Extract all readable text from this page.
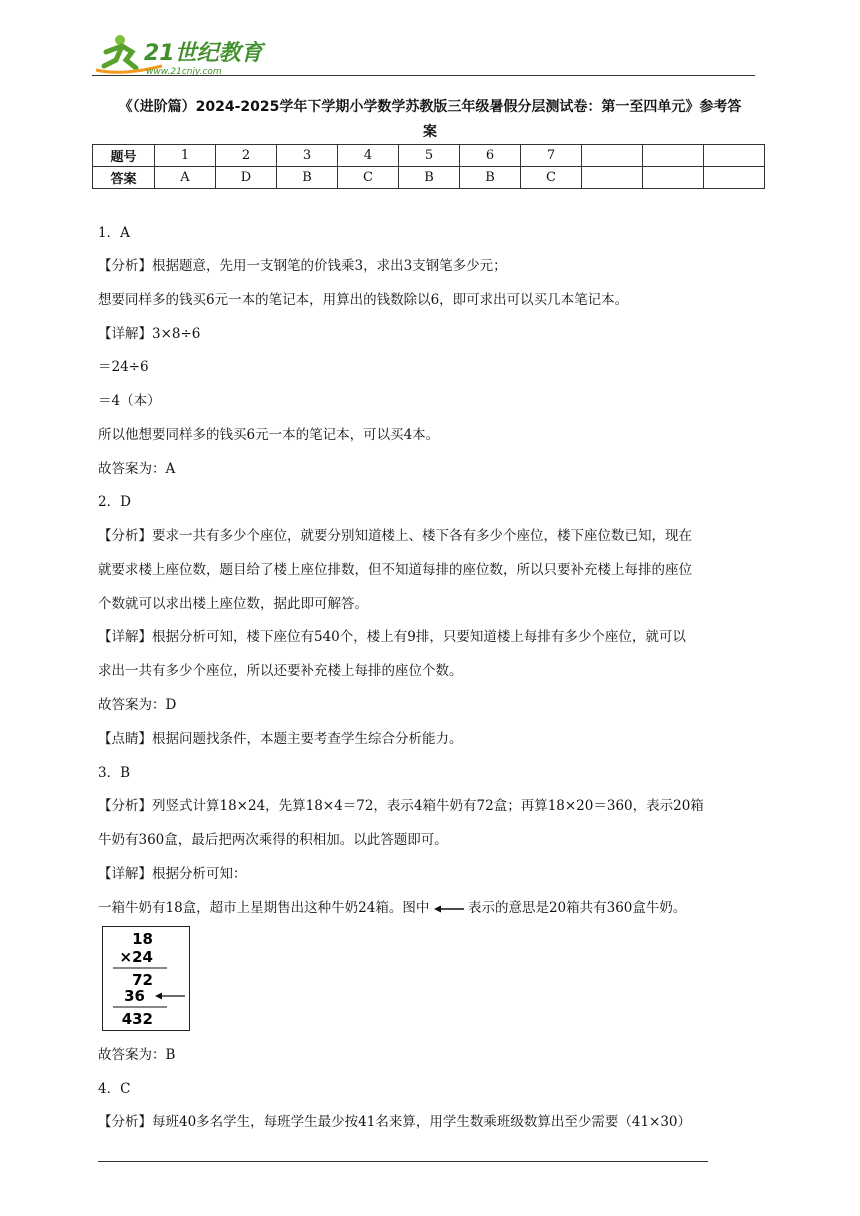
21世纪教育
www.21cnjy.com
《（进阶篇）2024-2025学年下学期小学数学苏教版三年级暑假分层测试卷：第一至四单元》参考答
案
题号	1	2	3	4	5	6	7			
答案	A	D	B	C	B	B	C			
1．A
【分析】根据题意，先用一支钢笔的价钱乘3，求出3支钢笔多少元；
想要同样多的钱买6元一本的笔记本，用算出的钱数除以6，即可求出可以买几本笔记本。
【详解】3×8÷6
＝24÷6
＝4（本）
所以他想要同样多的钱买6元一本的笔记本，可以买4本。
故答案为：A
2．D
【分析】要求一共有多少个座位，就要分别知道楼上、楼下各有多少个座位，楼下座位数已知，现在
就要求楼上座位数，题目给了楼上座位排数，但不知道每排的座位数，所以只要补充楼上每排的座位
个数就可以求出楼上座位数，据此即可解答。
【详解】根据分析可知，楼下座位有540个，楼上有9排，只要知道楼上每排有多少个座位，就可以
求出一共有多少个座位，所以还要补充楼上每排的座位个数。
故答案为：D
【点睛】根据问题找条件，本题主要考查学生综合分析能力。
3．B
【分析】列竖式计算18×24，先算18×4＝72，表示4箱牛奶有72盒；再算18×20＝360，表示20箱
牛奶有360盒，最后把两次乘得的积相加。以此答题即可。
【详解】根据分析可知：
一箱牛奶有18盒，超市上星期售出这种牛奶24箱。图中	表示的意思是20箱共有360盒牛奶。
18
×24
72
36
432
故答案为：B
4．C
【分析】每班40多名学生，每班学生最少按41名来算，用学生数乘班级数算出至少需要（41×30）
